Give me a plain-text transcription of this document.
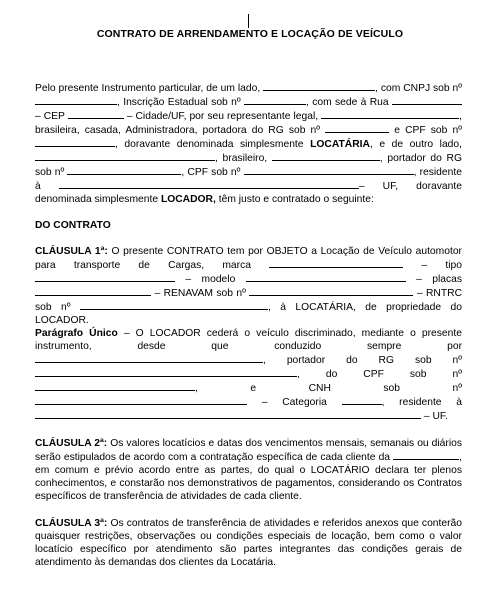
CONTRATO DE ARRENDAMENTO E LOCAÇÃO DE VEÍCULO

Pelo presente Instrumento particular, de um lado,	, com CNPJ sob nº , Inscrição Estadual sob nº	, com sede à Rua  – CEP	– Cidade/UF, por seu representante legal,	, brasileira, casada, Administradora, portadora do RG sob nº	e CPF sob nº , doravante denominada simplesmente LOCATÁRIA, e de outro lado, , brasileiro,	, portador do RG sob nº	, CPF sob nº	, residente à	– UF, doravante denominada simplesmente LOCADOR, têm justo e contratado o seguinte:

DO CONTRATO

CLÁUSULA 1ª: O presente CONTRATO tem por OBJETO a Locação de Veículo automotor para transporte de Cargas, marca	– tipo  – modelo	– placas  – RENAVAM sob nº	– RNTRC sob nº	, à LOCATÁRIA, de propriedade do LOCADOR.

Parágrafo Único – O LOCADOR cederá o veículo discriminado, mediante o presente instrumento, desde que conduzido sempre por , portador do RG sob nº , do CPF sob nº , e CNH sob nº  – Categoria	, residente à  – UF.

CLÁUSULA 2ª: Os valores locatícios e datas dos vencimentos mensais, semanais ou diários serão estipulados de acordo com a contratação específica de cada cliente da	, em comum e prévio acordo entre as partes, do qual o LOCATÁRIO declara ter plenos conhecimentos, e constarão nos demonstrativos de pagamentos, considerando os Contratos específicos de transferência de atividades de cada cliente.

CLÁUSULA 3ª: Os contratos de transferência de atividades e referidos anexos que conterão quaisquer restrições, observações ou condições especiais de locação, bem como o valor locatício específico por atendimento são partes integrantes das condições gerais de atendimento às demandas dos clientes da Locatária.
